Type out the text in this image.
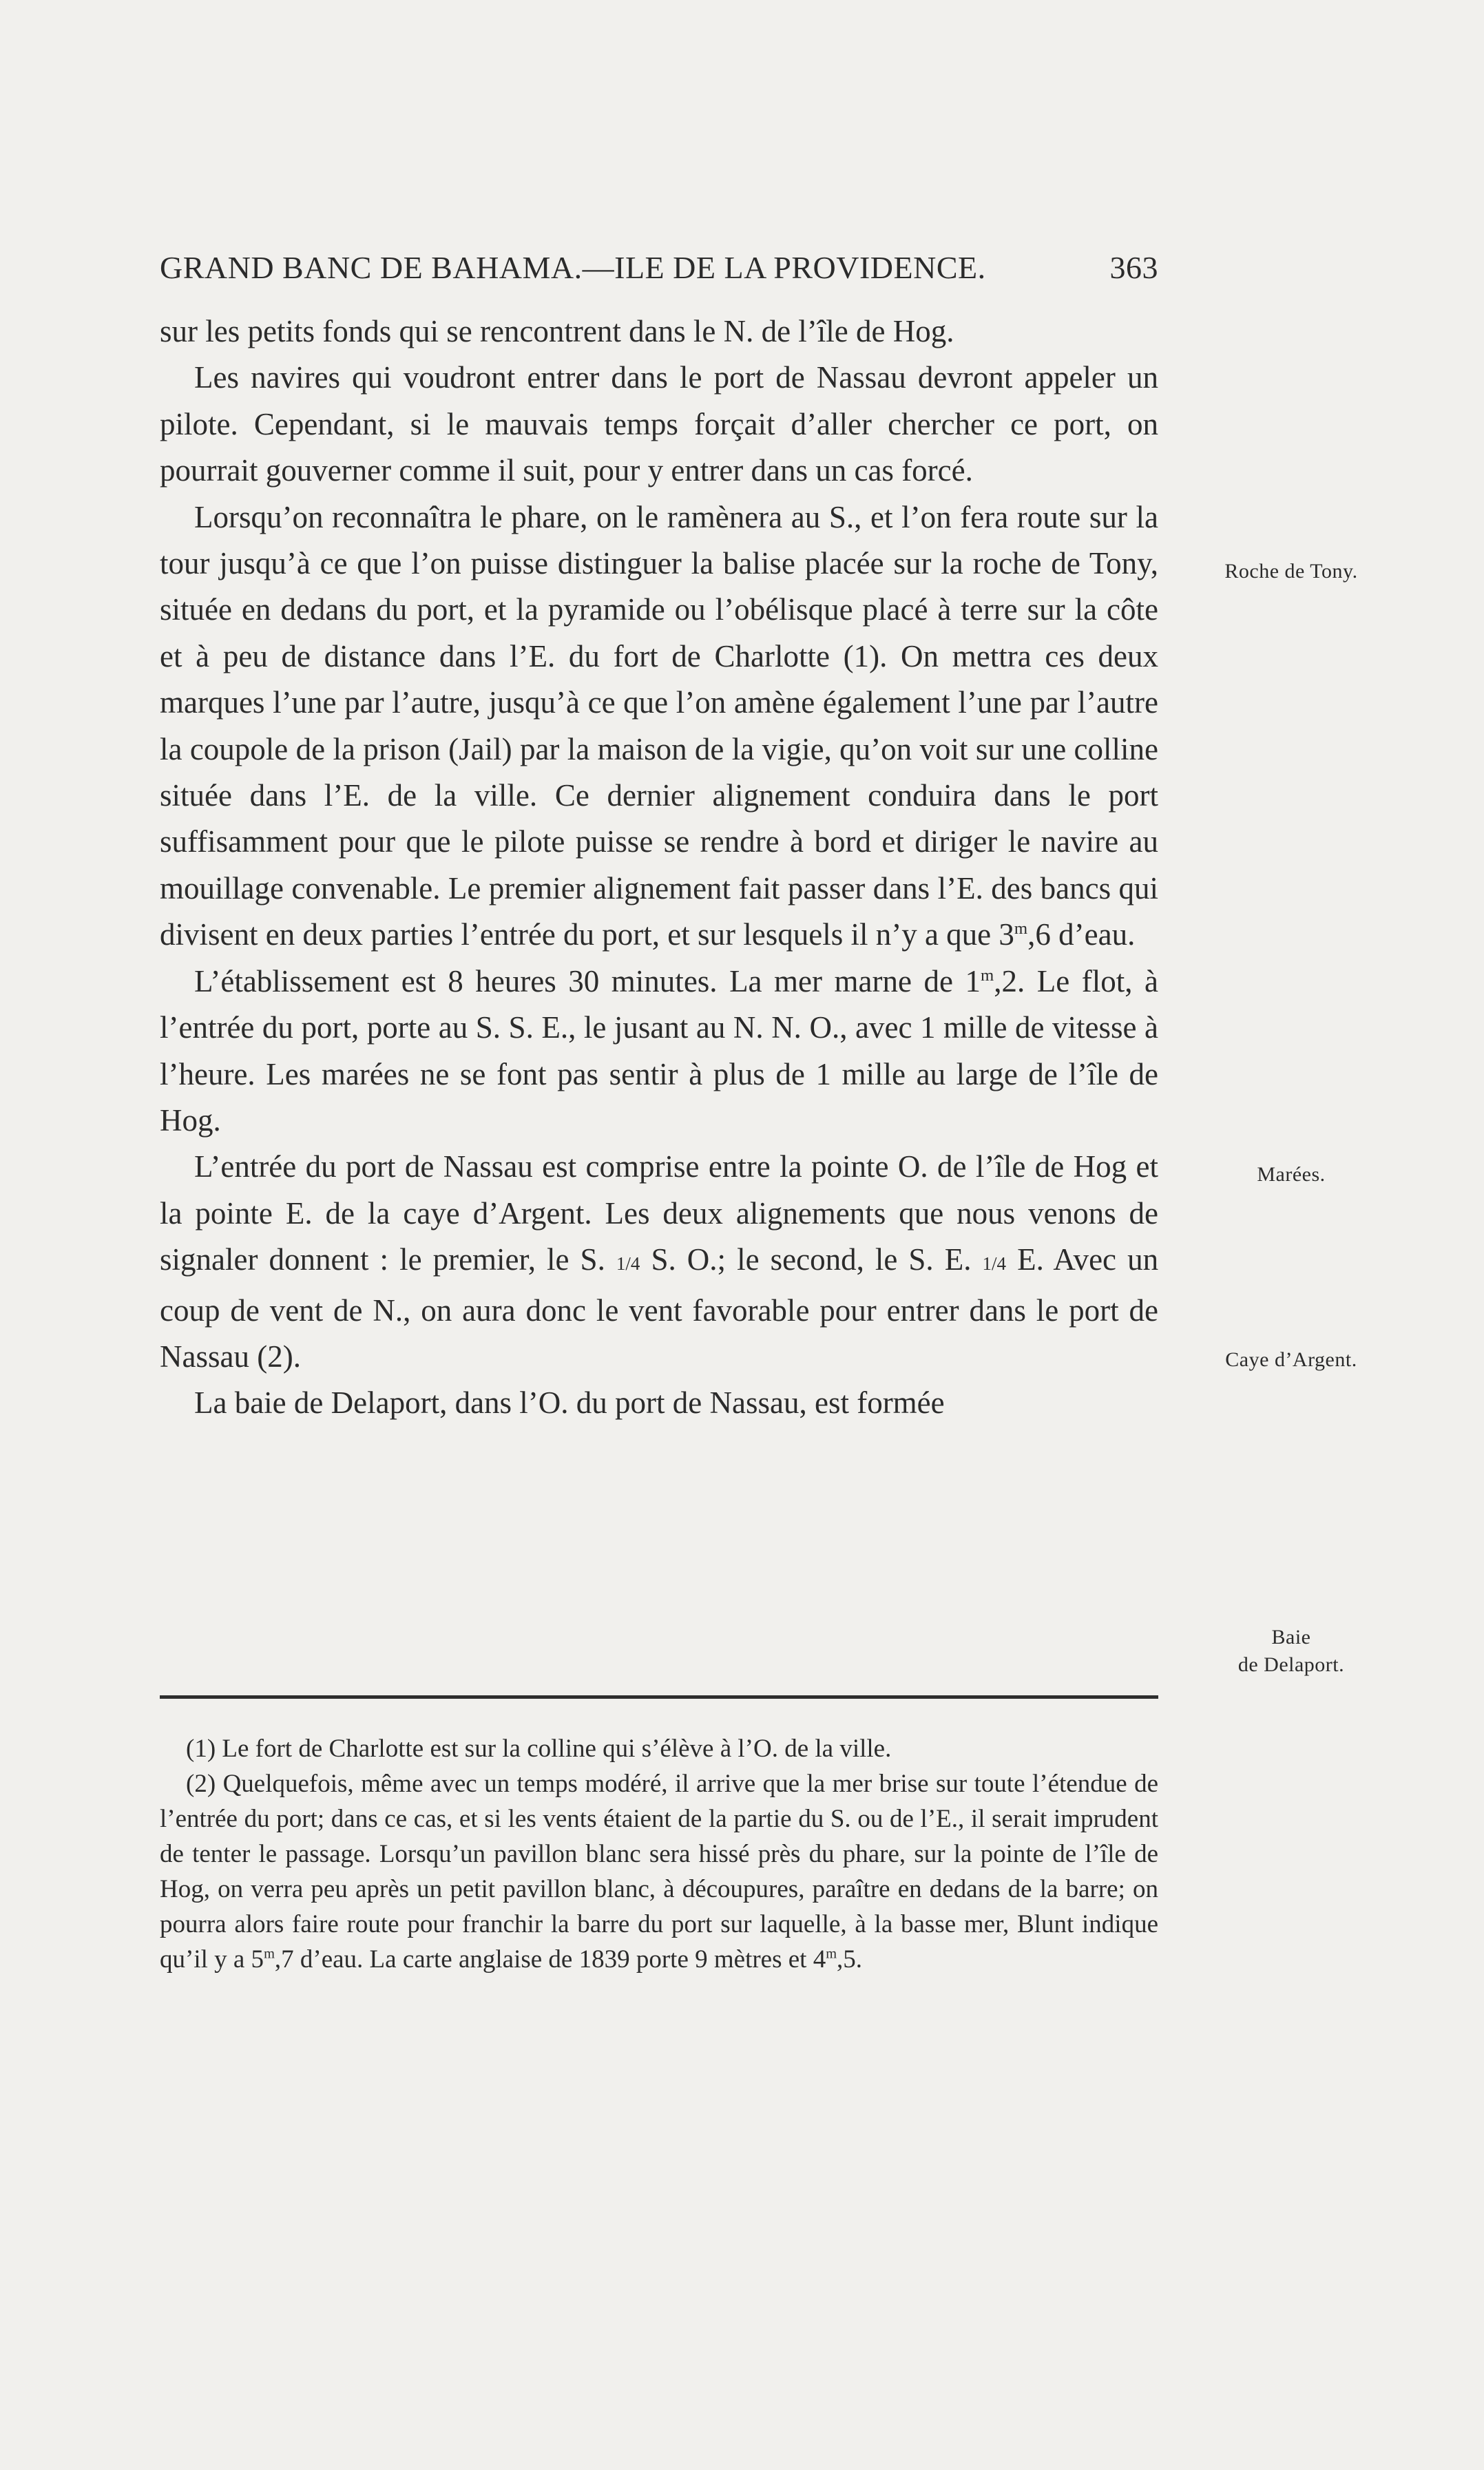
GRAND BANC DE BAHAMA.—ILE DE LA PROVIDENCE.	363

sur les petits fonds qui se rencontrent dans le N. de l’île de Hog.

Les navires qui voudront entrer dans le port de Nassau devront appeler un pilote. Cependant, si le mauvais temps forçait d’aller chercher ce port, on pourrait gouverner comme il suit, pour y entrer dans un cas forcé.

Lorsqu’on reconnaîtra le phare, on le ramènera au S., et l’on fera route sur la tour jusqu’à ce que l’on puisse distinguer la balise placée sur la roche de Tony, située en dedans du port, et la pyramide ou l’obélisque placé à terre sur la côte et à peu de distance dans l’E. du fort de Charlotte (1). On mettra ces deux marques l’une par l’autre, jusqu’à ce que l’on amène également l’une par l’autre la coupole de la prison (Jail) par la maison de la vigie, qu’on voit sur une colline située dans l’E. de la ville. Ce dernier alignement conduira dans le port suffisamment pour que le pilote puisse se rendre à bord et diriger le navire au mouillage convenable. Le premier alignement fait passer dans l’E. des bancs qui divisent en deux parties l’entrée du port, et sur lesquels il n’y a que 3$^m$,6 d’eau.

L’établissement est 8 heures 30 minutes. La mer marne de 1$^m$,2. Le flot, à l’entrée du port, porte au S. S. E., le jusant au N. N. O., avec 1 mille de vitesse à l’heure. Les marées ne se font pas sentir à plus de 1 mille au large de l’île de Hog.

L’entrée du port de Nassau est comprise entre la pointe O. de l’île de Hog et la pointe E. de la caye d’Argent. Les deux alignements que nous venons de signaler donnent : le premier, le S. 1/4 S. O.; le second, le S. E. 1/4 E. Avec un coup de vent de N., on aura donc le vent favorable pour entrer dans le port de Nassau (2).

La baie de Delaport, dans l’O. du port de Nassau, est formée

Roche de Tony.
Marées.
Caye d’Argent.
Baie
de Delaport.

(1) Le fort de Charlotte est sur la colline qui s’élève à l’O. de la ville.

(2) Quelquefois, même avec un temps modéré, il arrive que la mer brise sur toute l’étendue de l’entrée du port; dans ce cas, et si les vents étaient de la partie du S. ou de l’E., il serait imprudent de tenter le passage. Lorsqu’un pavillon blanc sera hissé près du phare, sur la pointe de l’île de Hog, on verra peu après un petit pavillon blanc, à découpures, paraître en dedans de la barre; on pourra alors faire route pour franchir la barre du port sur laquelle, à la basse mer, Blunt indique qu’il y a 5$^m$,7 d’eau. La carte anglaise de 1839 porte 9 mètres et 4$^m$,5.
